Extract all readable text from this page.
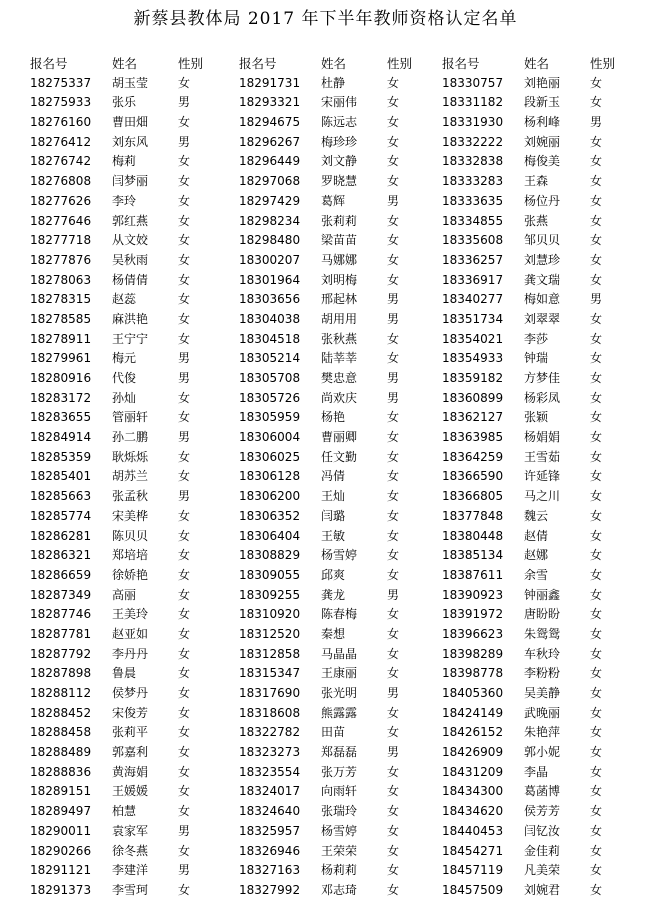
新蔡县教体局 2017 年下半年教师资格认定名单
报名号	姓名	性别
18275337	胡玉莹	女
18275933	张乐	男
18276160	曹田畑	女
18276412	刘东风	男
18276742	梅莉	女
18276808	闫梦丽	女
18277626	李玲	女
18277646	郭红燕	女
18277718	从文姣	女
18277876	吴秋雨	女
18278063	杨倩倩	女
18278315	赵蕊	女
18278585	麻洪艳	女
18278911	王宁宁	女
18279961	梅元	男
18280916	代俊	男
18283172	孙灿	女
18283655	管丽轩	女
18284914	孙二鹏	男
18285359	耿烁烁	女
18285401	胡苏兰	女
18285663	张孟秋	男
18285774	宋美桦	女
18286281	陈贝贝	女
18286321	郑培培	女
18286659	徐娇艳	女
18287349	高丽	女
18287746	王美玲	女
18287781	赵亚如	女
18287792	李丹丹	女
18287898	鲁晨	女
18288112	侯梦丹	女
18288452	宋俊芳	女
18288458	张莉平	女
18288489	郭嘉利	女
18288836	黄海娟	女
18289151	王媛媛	女
18289497	柏慧	女
18290011	袁家军	男
18290266	徐冬燕	女
18291121	李建洋	男
18291373	李雪珂	女
报名号	姓名	性别
18291731	杜静	女
18293321	宋丽伟	女
18294675	陈远志	女
18296267	梅珍珍	女
18296449	刘文静	女
18297068	罗晓慧	女
18297429	葛辉	男
18298234	张莉莉	女
18298480	梁苗苗	女
18300207	马娜娜	女
18301964	刘明梅	女
18303656	邢起林	男
18304038	胡用用	男
18304518	张秋燕	女
18305214	陆莘莘	女
18305708	樊忠意	男
18305726	尚欢庆	男
18305959	杨艳	女
18306004	曹丽卿	女
18306025	任文勤	女
18306128	冯倩	女
18306200	王灿	女
18306352	闫璐	女
18306404	王敏	女
18308829	杨雪婷	女
18309055	邱爽	女
18309255	龚龙	男
18310920	陈春梅	女
18312520	秦想	女
18312858	马晶晶	女
18315347	王康丽	女
18317690	张光明	男
18318608	熊露露	女
18322782	田苗	女
18323273	郑磊磊	男
18323554	张万芳	女
18324017	向雨轩	女
18324640	张瑞玲	女
18325957	杨雪婷	女
18326946	王荣荣	女
18327163	杨莉莉	女
18327992	邓志琦	女
报名号	姓名	性别
18330757	刘艳丽	女
18331182	段新玉	女
18331930	杨利峰	男
18332222	刘婉丽	女
18332838	梅俊美	女
18333283	王森	女
18333635	杨位丹	女
18334855	张燕	女
18335608	邹贝贝	女
18336257	刘慧珍	女
18336917	龚文瑞	女
18340277	梅如意	男
18351734	刘翠翠	女
18354021	李莎	女
18354933	钟瑞	女
18359182	方梦佳	女
18360899	杨彩凤	女
18362127	张颖	女
18363985	杨娟娟	女
18364259	王雪茹	女
18366590	许延锋	女
18366805	马之川	女
18377848	魏云	女
18380448	赵倩	女
18385134	赵娜	女
18387611	余雪	女
18390923	钟丽鑫	女
18391972	唐盼盼	女
18396623	朱鸳鸳	女
18398289	车秋玲	女
18398778	李粉粉	女
18405360	吴美静	女
18424149	武晚丽	女
18426152	朱艳萍	女
18426909	郭小妮	女
18431209	李晶	女
18434300	葛菡博	女
18434620	侯芳芳	女
18440453	闫钇汝	女
18454271	金佳莉	女
18457119	凡美荣	女
18457509	刘婉君	女
